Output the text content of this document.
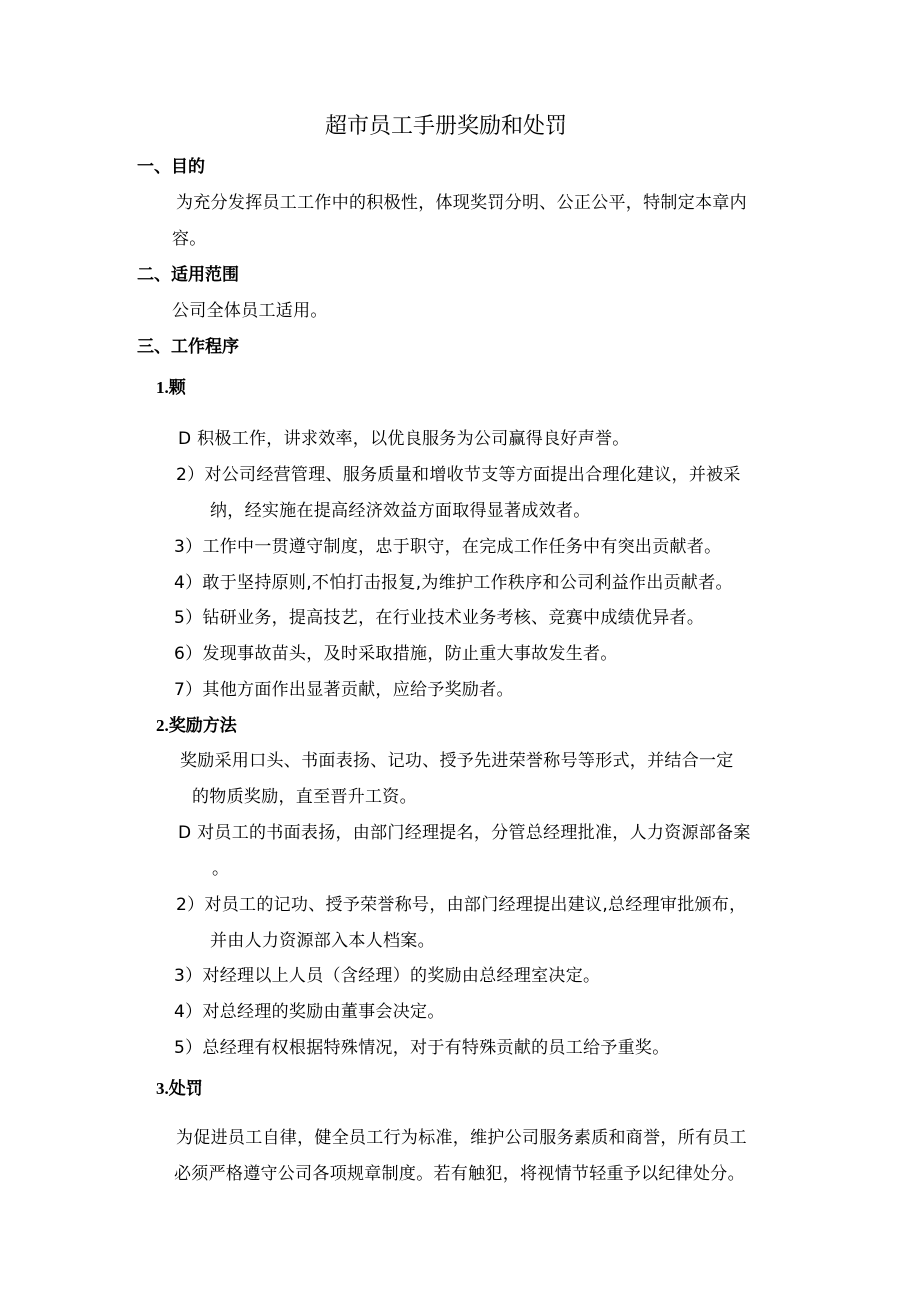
超市员工手册奖励和处罚
一、目的
为充分发挥员工工作中的积极性，体现奖罚分明、公正公平，特制定本章内
容。
二、适用范围
公司全体员工适用。
三、工作程序
1.颗
D 积极工作，讲求效率，以优良服务为公司赢得良好声誉。
2）对公司经营管理、服务质量和增收节支等方面提出合理化建议，并被采
纳，经实施在提高经济效益方面取得显著成效者。
3）工作中一贯遵守制度，忠于职守，在完成工作任务中有突出贡献者。
4）敢于坚持原则,不怕打击报复,为维护工作秩序和公司利益作出贡献者。
5）钻研业务，提高技艺，在行业技术业务考核、竞赛中成绩优异者。
6）发现事故苗头，及时采取措施，防止重大事故发生者。
7）其他方面作出显著贡献，应给予奖励者。
2.奖励方法
奖励采用口头、书面表扬、记功、授予先进荣誉称号等形式，并结合一定
的物质奖励，直至晋升工资。
D 对员工的书面表扬，由部门经理提名，分管总经理批准，人力资源部备案
。
2）对员工的记功、授予荣誉称号，由部门经理提出建议,总经理审批颁布，
并由人力资源部入本人档案。
3）对经理以上人员（含经理）的奖励由总经理室决定。
4）对总经理的奖励由董事会决定。
5）总经理有权根据特殊情况，对于有特殊贡献的员工给予重奖。
3.处罚
为促进员工自律，健全员工行为标准，维护公司服务素质和商誉，所有员工
必须严格遵守公司各项规章制度。若有触犯，将视情节轻重予以纪律处分。
